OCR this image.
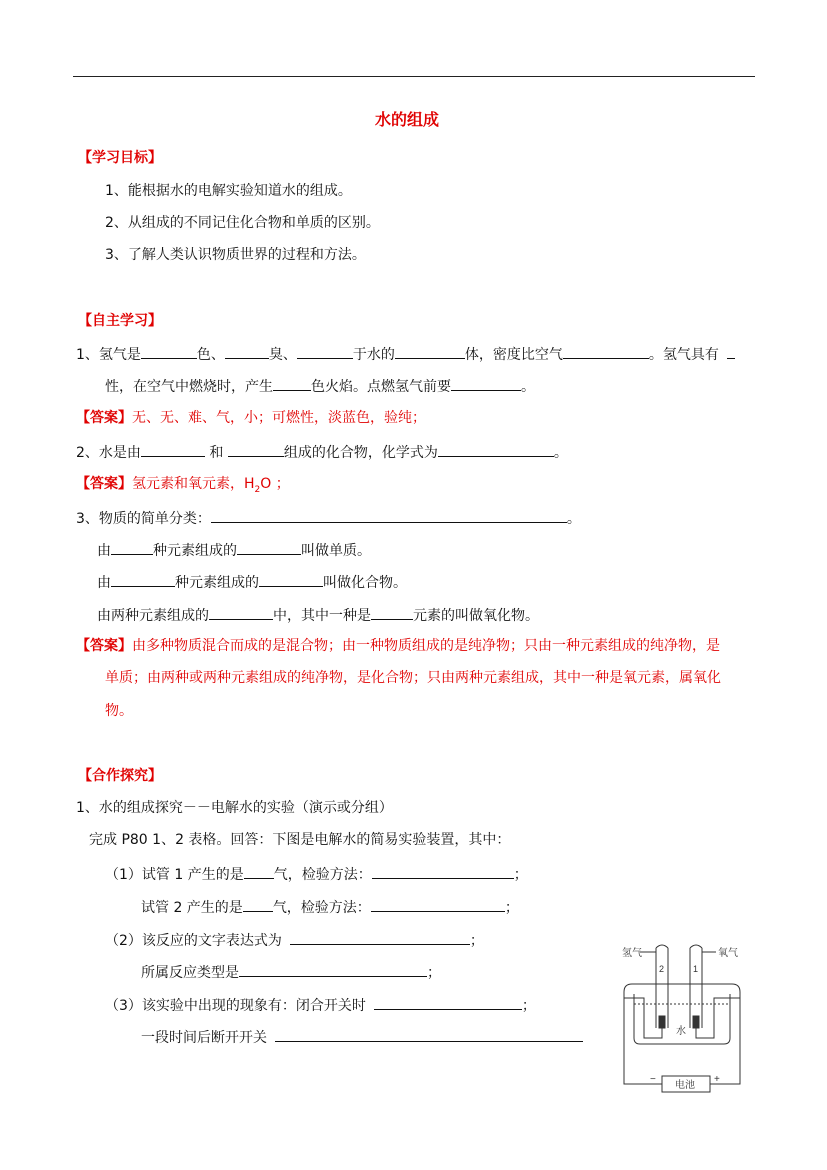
水的组成
【学习目标】
1、能根据水的电解实验知道水的组成。
2、从组成的不同记住化合物和单质的区别。
3、了解人类认识物质世界的过程和方法。
【自主学习】
1、氢气是	色、	臭、	于水的	体，密度比空气	。氢气具有
性，在空气中燃烧时，产生	色火焰。点燃氢气前要	。
【答案】无、无、难、气，小；可燃性，淡蓝色，验纯；
2、水是由	和	组成的化合物，化学式为	。
【答案】氢元素和氧元素，$H_2O$ ；
3、物质的简单分类：	。
由	种元素组成的	叫做单质。
由	种元素组成的	叫做化合物。
由两种元素组成的	中，其中一种是	元素的叫做氧化物。
【答案】由多种物质混合而成的是混合物；由一种物质组成的是纯净物；只由一种元素组成的纯净物，是
单质；由两种或两种元素组成的纯净物，是化合物；只由两种元素组成，其中一种是氧元素，属氧化
物。
【合作探究】
1、水的组成探究－－电解水的实验（演示或分组）
完成 P80 1、2 表格。回答：下图是电解水的简易实验装置，其中：
（1）试管 1 产生的是 气，检验方法：	；
试管 2 产生的是 气，检验方法：	；
（2）该反应的文字表达式为	；
所属反应类型是	；
（3）该实验中出现的现象有：闭合开关时	；
一段时间后断开开关
氢气	氧气
2	1
水
电池
−	+
